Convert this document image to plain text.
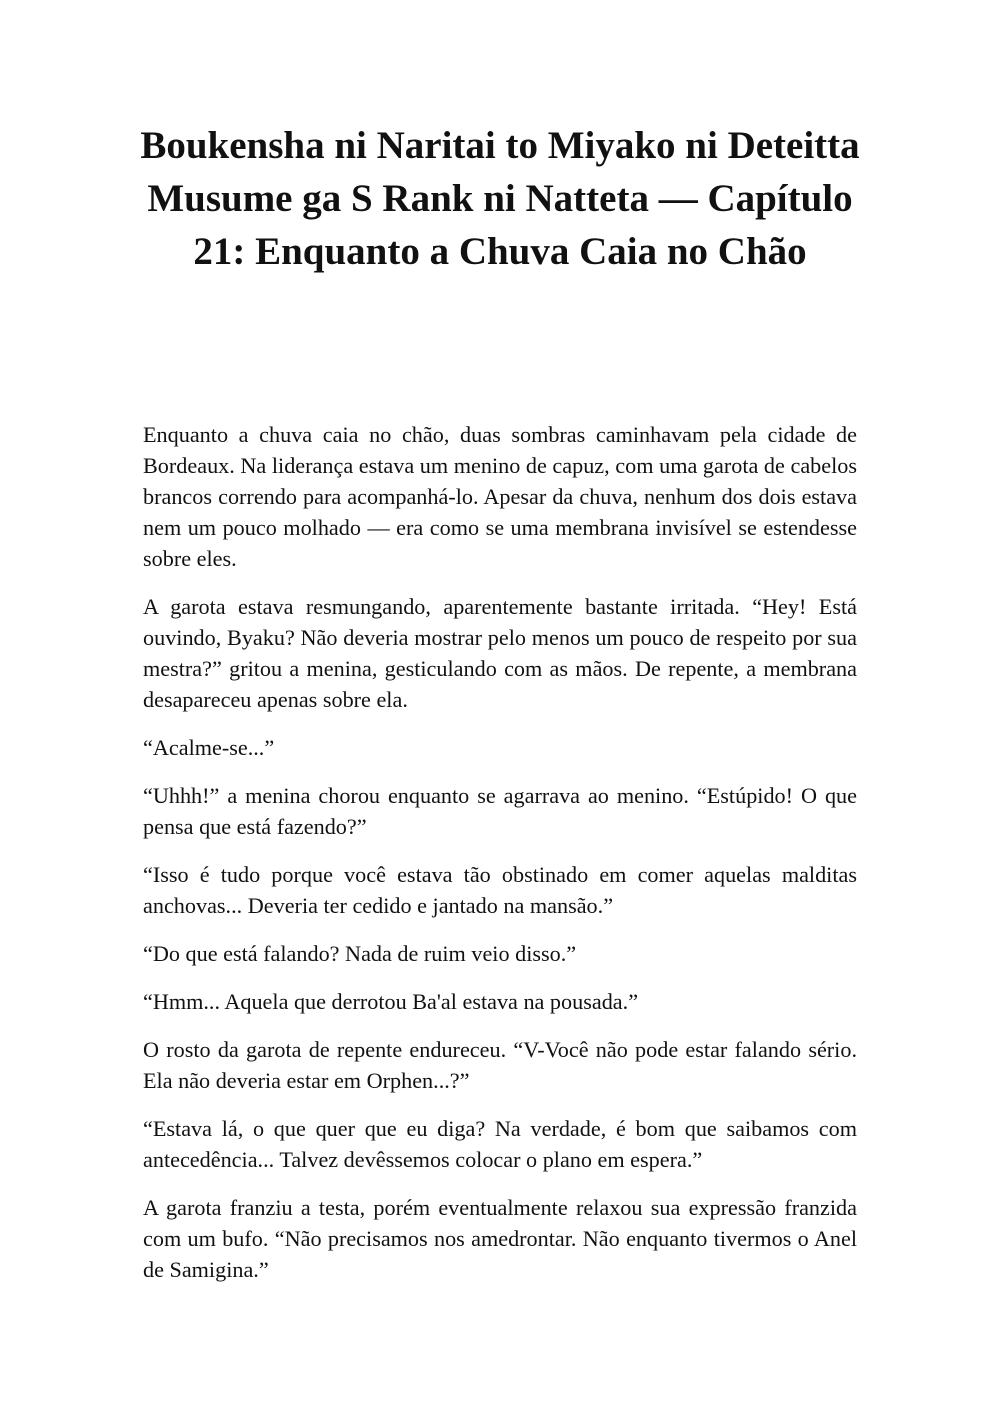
Boukensha ni Naritai to Miyako ni Deteitta Musume ga S Rank ni Natteta — Capítulo 21: Enquanto a Chuva Caia no Chão

Enquanto a chuva caia no chão, duas sombras caminhavam pela cidade de Bordeaux. Na liderança estava um menino de capuz, com uma garota de cabelos brancos correndo para acompanhá-lo. Apesar da chuva, nenhum dos dois estava nem um pouco molhado — era como se uma membrana invisível se estendesse sobre eles.

A garota estava resmungando, aparentemente bastante irritada. “Hey! Está ouvindo, Byaku? Não deveria mostrar pelo menos um pouco de respeito por sua mestra?” gritou a menina, gesticulando com as mãos. De repente, a membrana desapareceu apenas sobre ela.

“Acalme-se...”

“Uhhh!” a menina chorou enquanto se agarrava ao menino. “Estúpido! O que pensa que está fazendo?”

“Isso é tudo porque você estava tão obstinado em comer aquelas malditas anchovas... Deveria ter cedido e jantado na mansão.”

“Do que está falando? Nada de ruim veio disso.”

“Hmm... Aquela que derrotou Ba'al estava na pousada.”

O rosto da garota de repente endureceu. “V-Você não pode estar falando sério. Ela não deveria estar em Orphen...?”

“Estava lá, o que quer que eu diga? Na verdade, é bom que saibamos com antecedência... Talvez devêssemos colocar o plano em espera.”

A garota franziu a testa, porém eventualmente relaxou sua expressão franzida com um bufo. “Não precisamos nos amedrontar. Não enquanto tivermos o Anel de Samigina.”
